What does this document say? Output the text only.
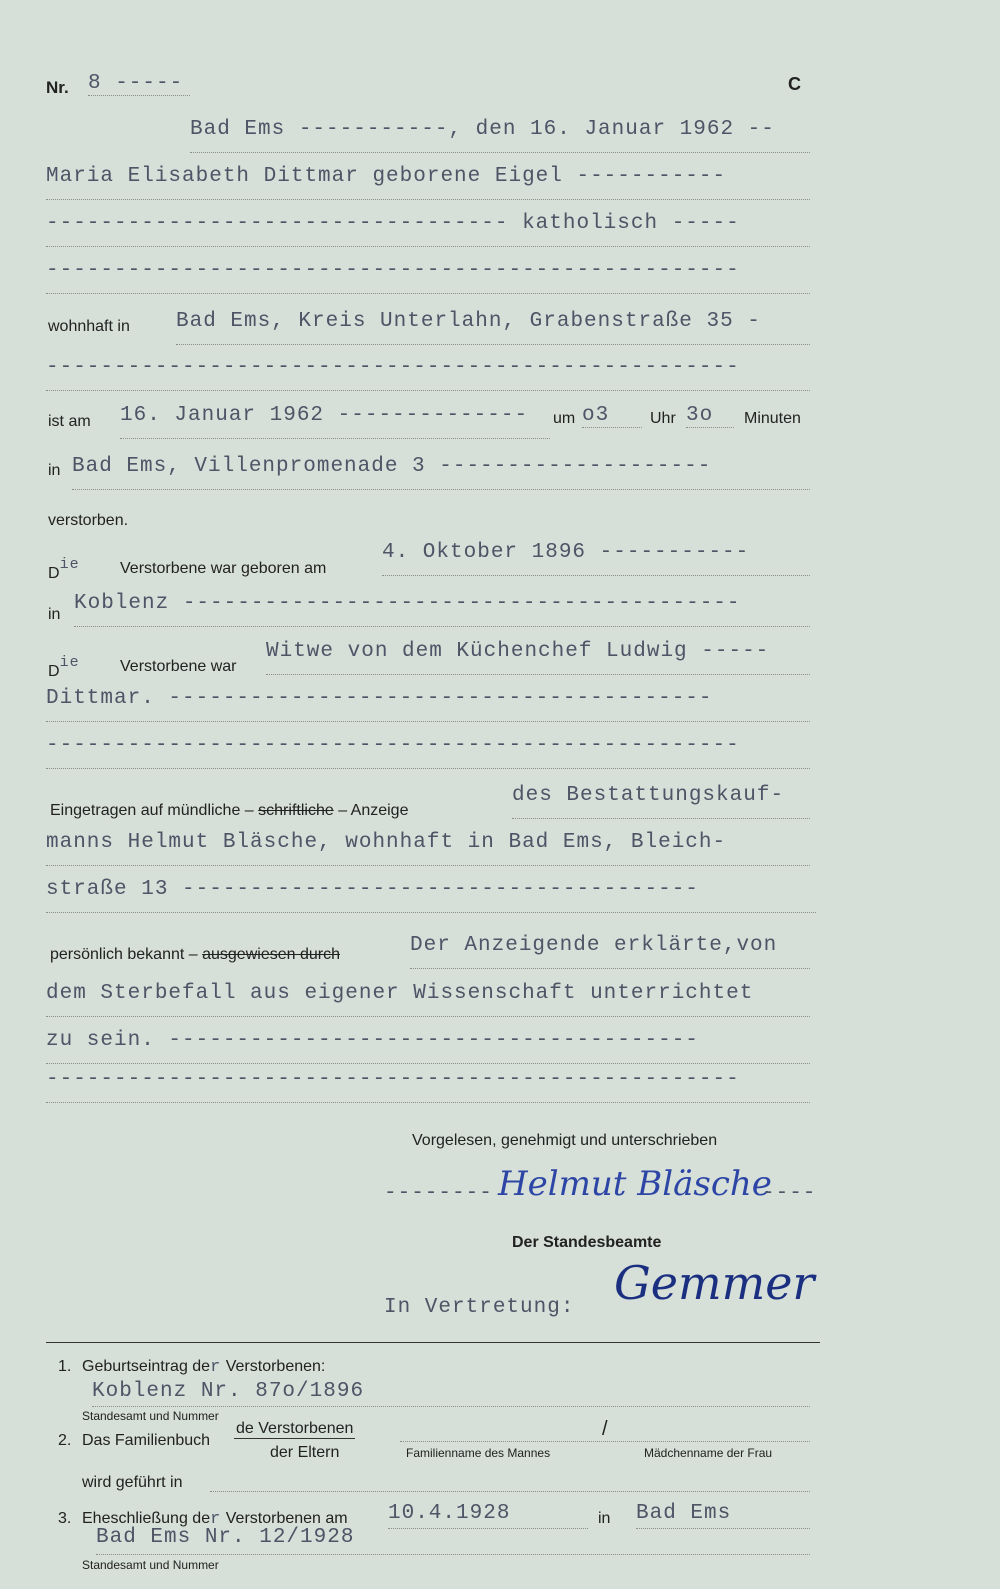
Nr. 8 -----	C
Bad Ems -----------, den 16. Januar 1962 --
Maria Elisabeth Dittmar geborene Eigel -----------
---------------------------------- katholisch -----
---------------------------------------------------
wohnhaft in Bad Ems, Kreis Unterlahn, Grabenstraße 35 -
---------------------------------------------------
ist am 16. Januar 1962 --------------	um o3	Uhr 3o	Minuten
in Bad Ems, Villenpromenade 3 --------------------
verstorben.
Die	Verstorbene war geboren am
4. Oktober 1896 -----------
in Koblenz -----------------------------------------
Die	Verstorbene war
Witwe von dem Küchenchef Ludwig -----
Dittmar. ----------------------------------------
---------------------------------------------------
Eingetragen auf mündliche – schriftliche – Anzeige
des Bestattungskauf-
manns Helmut Bläsche, wohnhaft in Bad Ems, Bleich-
straße 13 --------------------------------------
persönlich bekannt – ausgewiesen durch	Der Anzeigende erklärte,von
dem Sterbefall aus eigener Wissenschaft unterrichtet
zu sein. ---------------------------------------
---------------------------------------------------
Vorgelesen, genehmigt und unterschrieben
-------- Helmut Bläsche
----
Der Standesbeamte
In Vertretung: Gemmer
1. Geburtseintrag der Verstorbenen:
Koblenz Nr. 87o/1896
Standesamt und Nummer
2. Das Familienbuch
de Verstorbenen
der Eltern
/
Familienname des Mannes	Mädchenname der Frau
wird geführt in
3. Eheschließung der Verstorbenen am 10.4.1928	in Bad Ems
Bad Ems Nr. 12/1928
Standesamt und Nummer
